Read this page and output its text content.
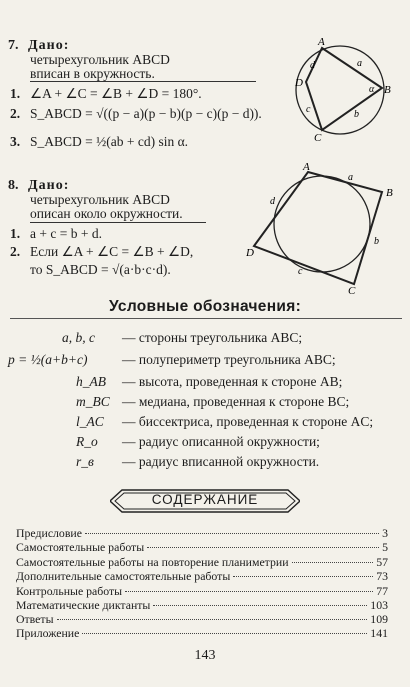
7. Дано:
четырехугольник ABCD
вписан в окружность.
1. ∠A + ∠C = ∠B + ∠D = 180°.
2. S_ABCD = √((p − a)(p − b)(p − c)(p − d)).
3. S_ABCD = ½(ab + cd) sin α.
A
B
C
D
a
b
c
d
α
8. Дано:
четырехугольник ABCD
описан около окружности.
1. a + c = b + d.
2. Если ∠A + ∠C = ∠B + ∠D,
то S_ABCD = √(a·b·c·d).
A
B
C
D
a
b
c
d
Условные обозначения:
a, b, c — стороны треугольника ABC;
p = ½(a+b+c)	— полупериметр треугольника ABC;
h_AB — высота, проведенная к стороне AB;
m_BC — медиана, проведенная к стороне BC;
l_AC — биссектриса, проведенная к стороне AC;
R_o — радиус описанной окружности;
r_в — радиус вписанной окружности.
СОДЕРЖАНИЕ
Предисловие	3
Самостоятельные работы	5
Самостоятельные работы на повторение планиметрии	57
Дополнительные самостоятельные работы	73
Контрольные работы	77
Математические диктанты	103
Ответы	109
Приложение	141
143
